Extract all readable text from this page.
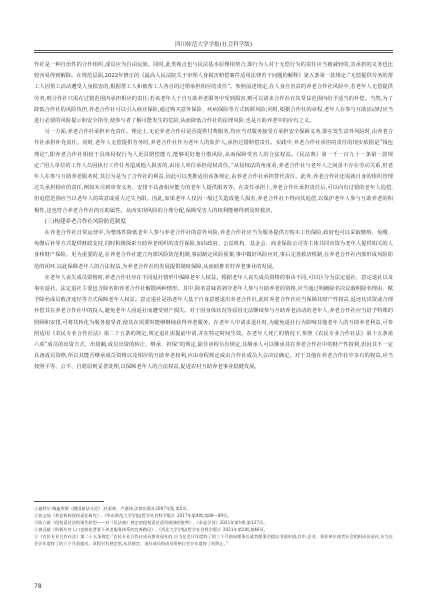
四川师范大学学报(社会科学版)

作社是一种自治性的合作组织,成员应为自由民族。同时,此类观点也与民法基本原理相契合,即行为人对于无偿行为的责任应当被减轻的,其承担的义务也比较容易得到解除。在规范层面,2022年修正的《最高人民法院关于审理人身损害赔偿案件适用法律若干问题的解释》第五条第一款规定:“无偿提供劳务的帮工人因帮工活动遭受人身损害的,根据帮工人和被帮工人各自的过错承担相应的责任”。参照前述规定,在人身自害益的养老合作社风险中,若老年人无偿提供劳务,则合作社只需在过错范围内承担相应的责任;若该老年人于自互助养老服务中受到损害,则可以请求合作社在其受益范围内给予适当的补偿。当然,为了降低合作社的风险负担,养老合作社可以引入商业保险,通过购买意外保险、疾病保险等方式转移风险;同时,根据合作社的章程,老年人在参与互助活动时应当进行必要的风险提示和安全指导,使参与者了解可能发生的危险,从而降低合作社的法律风险,也是互助养老中的应有之义。

另一方面,养老合作社承担补充责任。理论上,无论养老合作社是否提供付费服务,均应当对服务接受方承担安全保障义务,即在发生意外风险时,由养老合作社承担补充责任。同时,老年人无偿提供劳务时,养老合作社作为老年人的监护人,承担过错赔偿责任。实践中,养老合作社承担的责任的现实依据是“钱包理论”,即养老合作社相较于具体侵权行为人更具赔偿能力,能够更好地分散风险,从而保障受害人的合法权益。《民法典》第一千一百九十一条第一款规定:“用人单位的工作人员因执行工作任务造成他人损害的,由用人单位承担侵权责任。”从侵权法的角度看,养老合作社与老年人之间虽不存在劳动关系,但老年人在参与互助养老服务时,其行为是为了合作社的利益,因此可以类推适用该条规定,由养老合作社承担替代责任。此外,养老合作社还需就自身的组织管理过失承担相应的责任,例如未尽到审查义务、安排不具备相应能力的老年人提供服务等。在责任承担上,养老合作社承担责任后,可以向有过错的老年人追偿,但追偿范围应当以老年人的故意或重大过失为限。因此,如果老年人仅因一般过失造成他人损害,养老合作社不得向其追偿,以保护老年人参与互助养老的积极性,这也符合养老合作社的互助属性。从而实现风险的合理分配,保障受害人的权利能够得到及时救济。

(三)构建养老合作社风险防范制度

在养老合作社日常运营中,为整体性降低老年人参与养老合作社的意外风险,养老合作社应当为服务提供方购买工伤保险,政府也可以采取缴纳、免缴、免缴后补等方式提供财政支持,同时积极探索互助养老组织的责任保险,如由政府、公益机构、基金会、商业保险公司等主体共同出资为老年人提供相关的人身和财产保险。更为重要的是,在养老合作社建立内部风险防范机制,事前制定风险预案,事中做好风险应对,事后完善救济机制,在养老合作社内部形成风险防范的闭环,以此保障老年人的合法权益,为养老合作社的发展提供制度保障,从而助推农村养老事业的发展。

在老年人丧失成员资格时,养老合作社应在不同退社情形中保障老年人权益。根据老年人丧失成员资格的事由不同,可以区分为法定退社、意定退社以及事实退社。法定退社主要包含除名和养老合作社解散两种情形。其中,除名意味着剥夺老年人参与互助养老的资格,应当通过明确除名决议载明除名理由、赋予除名成员救济途径等方式保障老年人权益。意定退社是指老年人基于自身意愿退出养老合作社,此时养老合作社应当保障其财产性权益,退还其出资或合理补偿其在养老合作社中的投入,避免老年人因退社而遭受财产损失。对于因身体状况等原因无法继续参与互助养老活动的老年人,养老合作社应当给予特殊的照顾和安排,可将其转化为服务接受者,使其在需要时能够继续获得养老服务。在老年人中请求退社时,为避免退社行为影响其他老年人的互助养老利益,可参照适用《农民专业合作社法》第二十五条的规定,规定退社需提前申请,并在特定时间生效。在老年人死亡的情况下,参照《农民专业合作社法》第十五条第六项“成员的出资方式、出资额,成员出资的转让、继承、担保”的规定,除非章程另有规定,其继承人可以继承其在养老合作社中的财产性权利,但因其不一定具备成员资格,所以其能否继承成员资格以及相应的互助养老权利,应由章程规定或由合作社成员大会决议确定。对于其他在养老合作社中享有的权益,应当按照平等、公平、自愿原则妥善处理,以保障老年人的合法权益,促进农村互助养老事业稳健发展。

①迪特尔·梅迪库斯《德国债法分论》,杜景林、卢谌译,法律出版社2007年版,第5页。

②孙文灿《养老机构侵权责任研究》,《华东师范大学学报(哲学社会科学版)》2017年第4期,第88—89页。

③陈立新《侵权责任法的现代转型——对《民法典》规定的侵权责任适用规则的批判》,《求是学刊》2021年第1期,第127页。

④黄远斌《积极应对人口老龄化背景下养老服务体系的完善路径》,《西北大学学报(哲学社会科学版)》2021年第2期,第46页。

⑤《农民专业合作社法》第二十五条规定:“农民专业合作社成员要求退社的,应当在会计年度终了的三个月前向理事长或者理事会提出书面申请;其中,企业、事业单位或者社会组织成员退社,应当在会计年度终了的六个月前提出。章程另有规定的,从其规定。退社成员的成员资格自会计年度终了时终止。”

78
